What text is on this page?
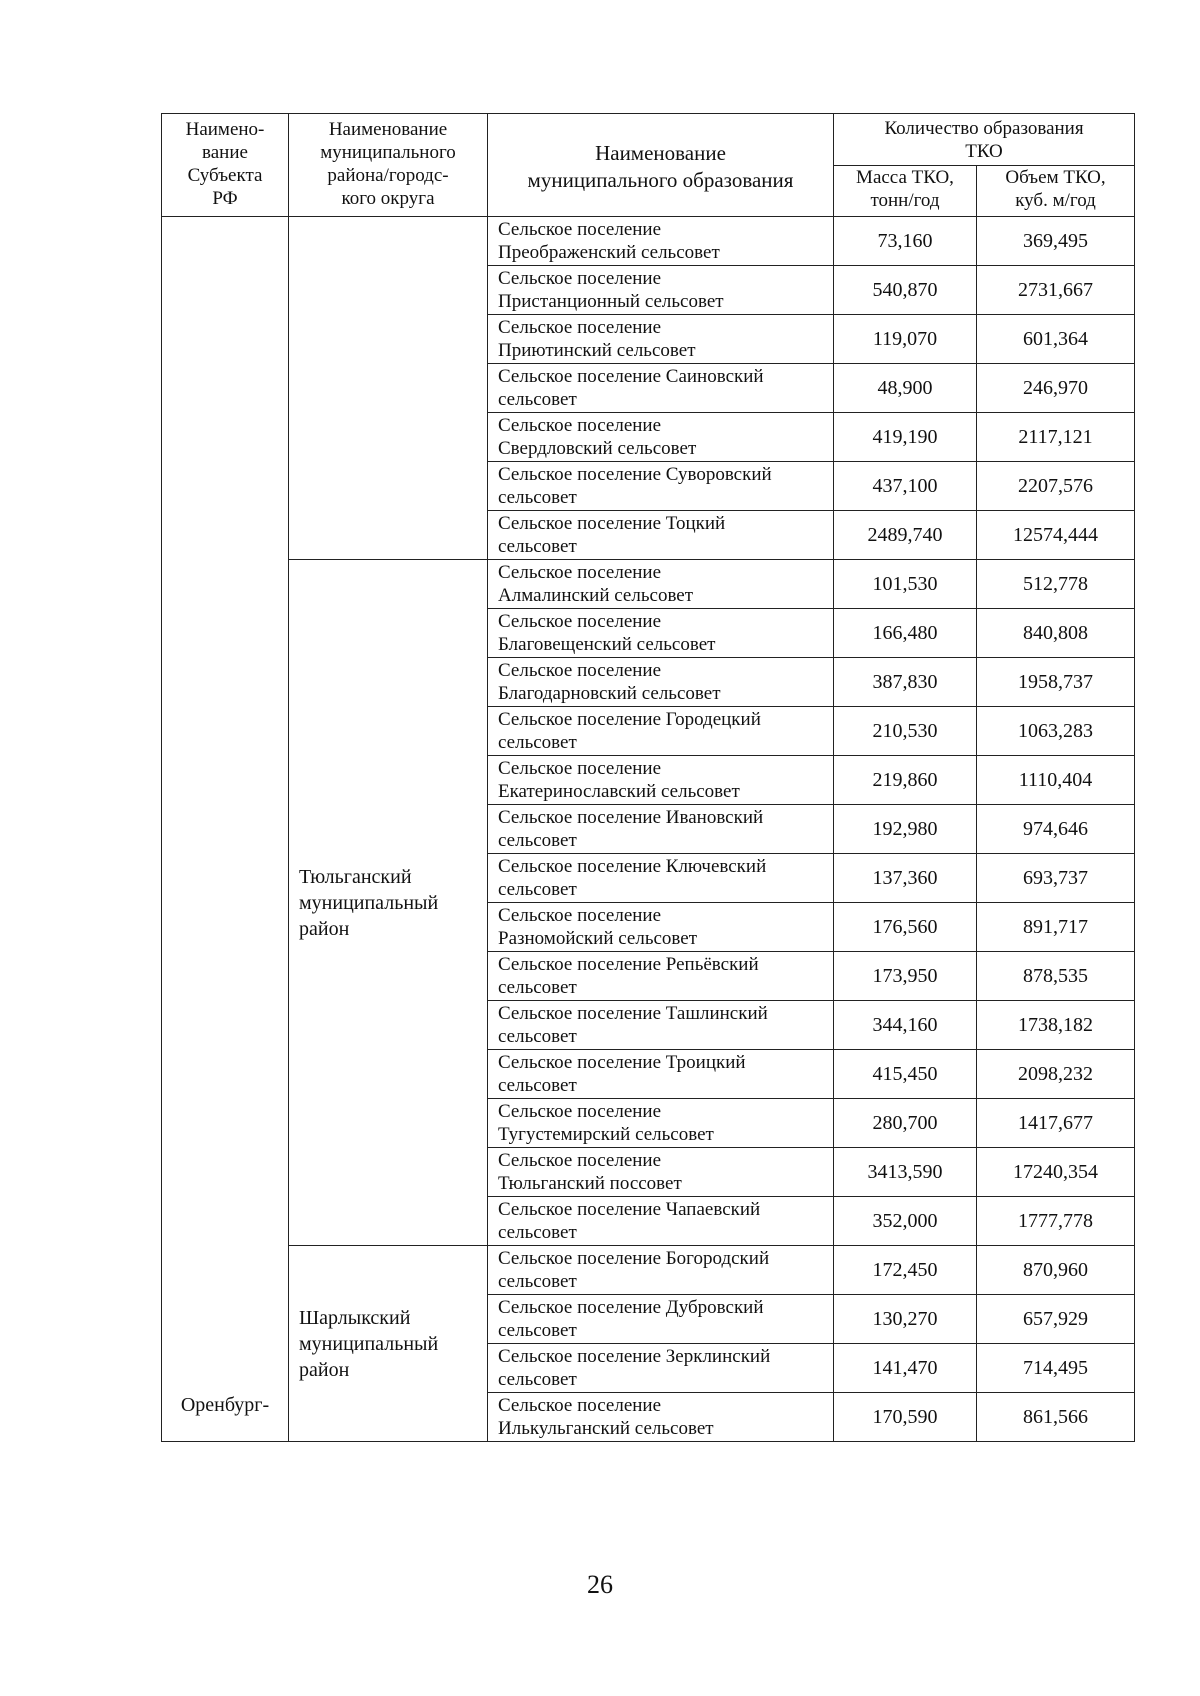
Наимено-
вание
Субъекта
РФ	Наименование
муниципального
района/городс-
кого округа	Наименование
муниципального образования	Количество образования
ТКО	
			Масса ТКО,
тонн/год	Объем ТКО,
куб. м/год
Оренбург-		Сельское поселение
Преображенский сельсовет	73,160	369,495
		Сельское поселение
Пристанционный сельсовет	540,870	2731,667
		Сельское поселение
Приютинский сельсовет	119,070	601,364
		Сельское поселение Саиновский
сельсовет	48,900	246,970
		Сельское поселение
Свердловский сельсовет	419,190	2117,121
		Сельское поселение Суворовский
сельсовет	437,100	2207,576
		Сельское поселение Тоцкий
сельсовет	2489,740	12574,444
	Тюльганский
муниципальный
район	Сельское поселение
Алмалинский сельсовет	101,530	512,778
		Сельское поселение
Благовещенский сельсовет	166,480	840,808
		Сельское поселение
Благодарновский сельсовет	387,830	1958,737
		Сельское поселение Городецкий
сельсовет	210,530	1063,283
		Сельское поселение
Екатеринославский сельсовет	219,860	1110,404
		Сельское поселение Ивановский
сельсовет	192,980	974,646
		Сельское поселение Ключевский
сельсовет	137,360	693,737
		Сельское поселение
Разномойский сельсовет	176,560	891,717
		Сельское поселение Репьёвский
сельсовет	173,950	878,535
		Сельское поселение Ташлинский
сельсовет	344,160	1738,182
		Сельское поселение Троицкий
сельсовет	415,450	2098,232
		Сельское поселение
Тугустемирский сельсовет	280,700	1417,677
		Сельское поселение
Тюльганский поссовет	3413,590	17240,354
		Сельское поселение Чапаевский
сельсовет	352,000	1777,778
	Шарлыкский
муниципальный
район	Сельское поселение Богородский
сельсовет	172,450	870,960
		Сельское поселение Дубровский
сельсовет	130,270	657,929
		Сельское поселение Зерклинский
сельсовет	141,470	714,495
		Сельское поселение
Илькульганский сельсовет	170,590	861,566
26
